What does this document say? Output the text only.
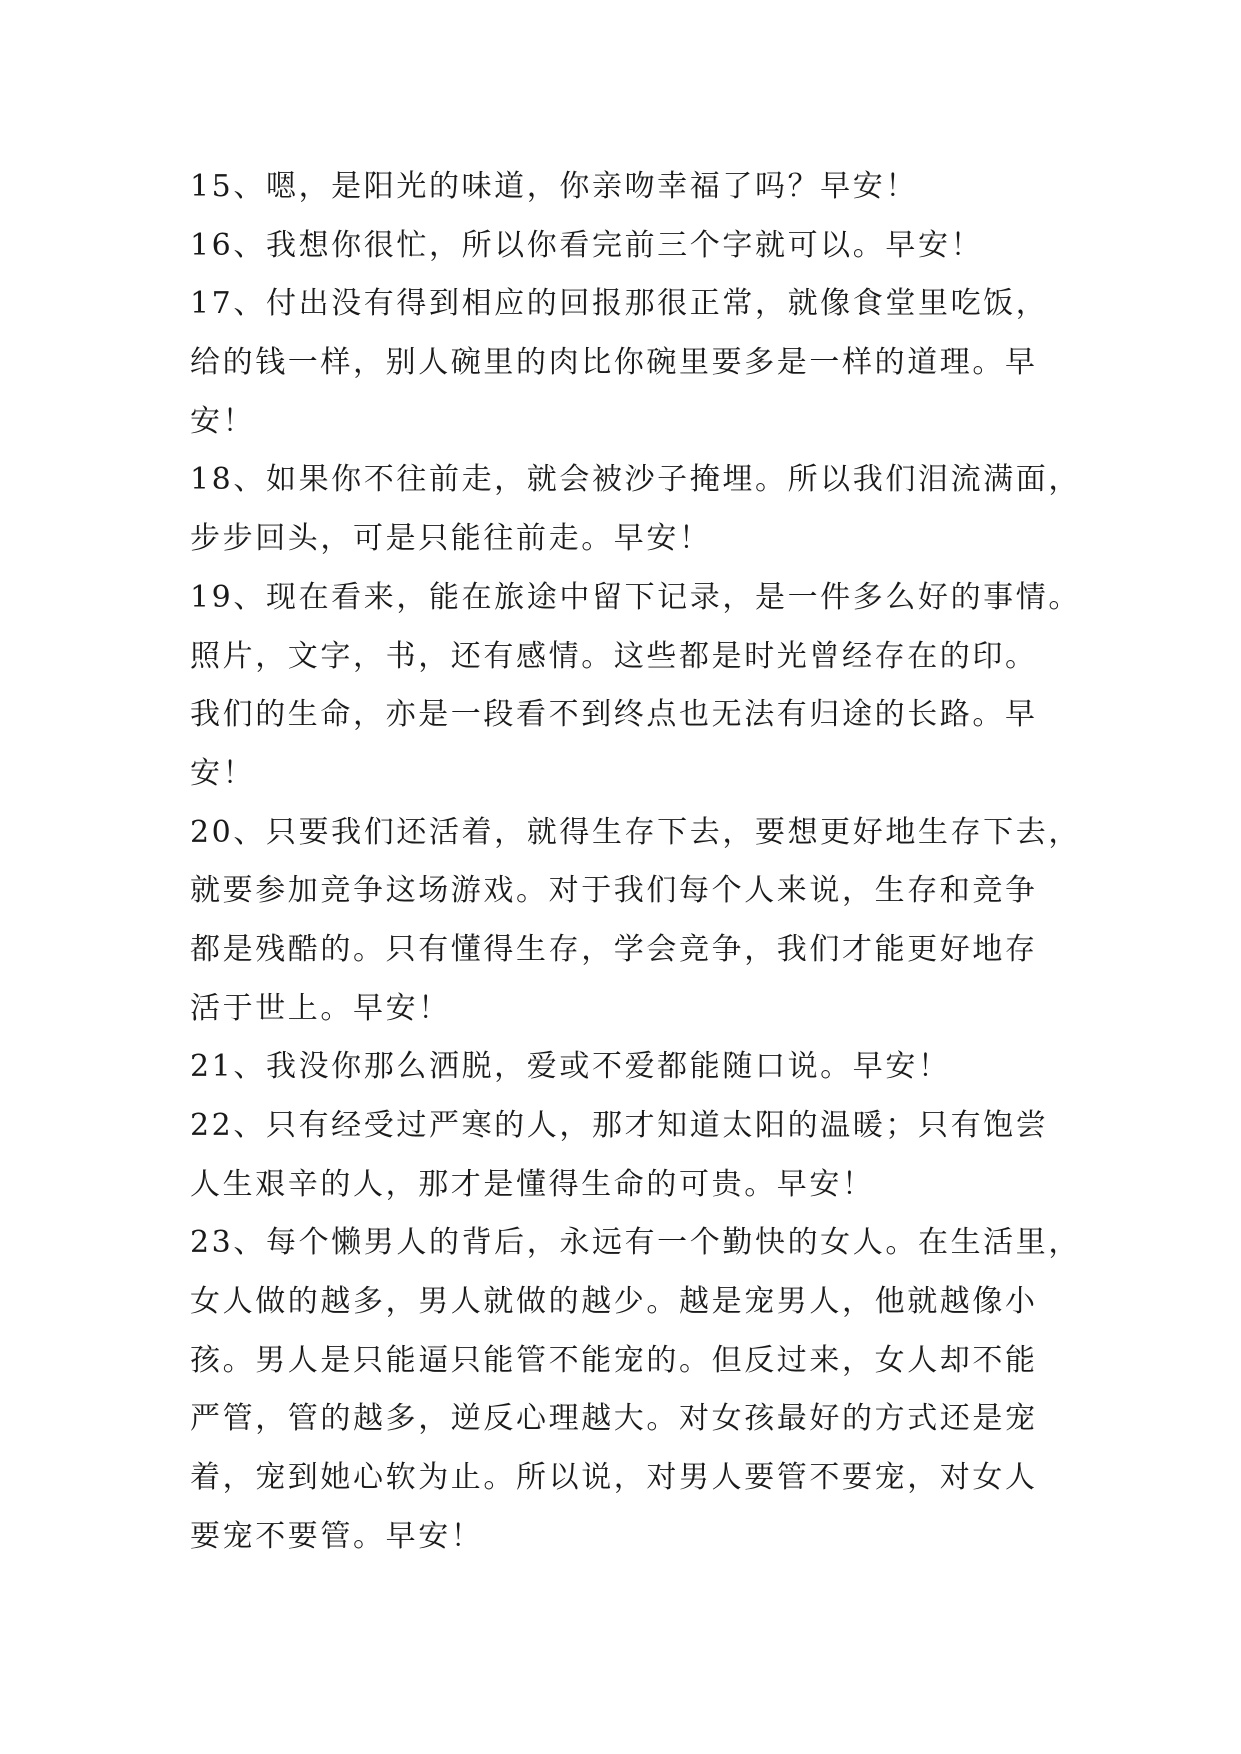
15、嗯，是阳光的味道，你亲吻幸福了吗？早安！
16、我想你很忙，所以你看完前三个字就可以。早安！
17、付出没有得到相应的回报那很正常，就像食堂里吃饭，
给的钱一样，别人碗里的肉比你碗里要多是一样的道理。早
安！
18、如果你不往前走，就会被沙子掩埋。所以我们泪流满面，
步步回头，可是只能往前走。早安！
19、现在看来，能在旅途中留下记录，是一件多么好的事情。
照片，文字，书，还有感情。这些都是时光曾经存在的印。
我们的生命，亦是一段看不到终点也无法有归途的长路。早
安！
20、只要我们还活着，就得生存下去，要想更好地生存下去，
就要参加竞争这场游戏。对于我们每个人来说，生存和竞争
都是残酷的。只有懂得生存，学会竞争，我们才能更好地存
活于世上。早安！
21、我没你那么洒脱，爱或不爱都能随口说。早安！
22、只有经受过严寒的人，那才知道太阳的温暖；只有饱尝
人生艰辛的人，那才是懂得生命的可贵。早安！
23、每个懒男人的背后，永远有一个勤快的女人。在生活里，
女人做的越多，男人就做的越少。越是宠男人，他就越像小
孩。男人是只能逼只能管不能宠的。但反过来，女人却不能
严管，管的越多，逆反心理越大。对女孩最好的方式还是宠
着，宠到她心软为止。所以说，对男人要管不要宠，对女人
要宠不要管。早安！
